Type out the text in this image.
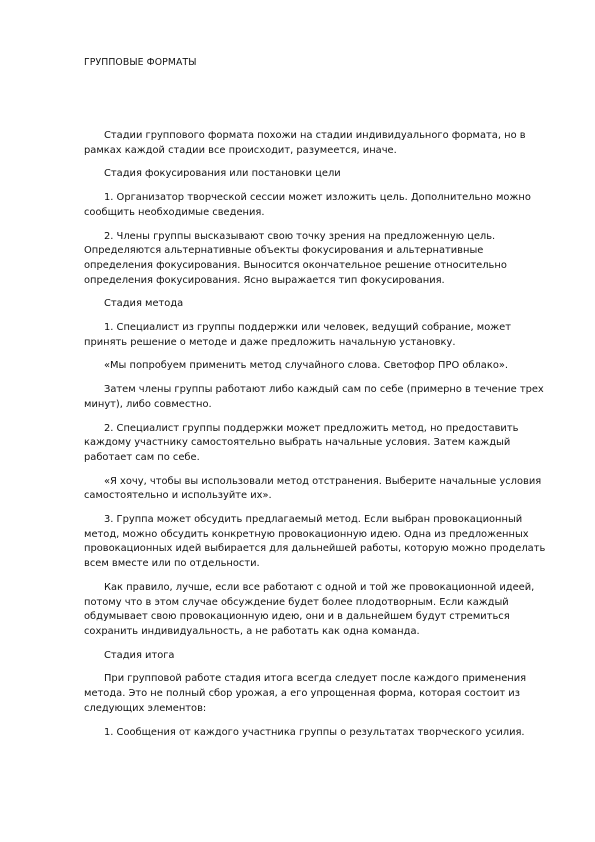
ГРУППОВЫЕ ФОРМАТЫ

Стадии группового формата похожи на стадии индивидуального формата, но в рамках каждой стадии все происходит, разумеется, иначе.

Стадия фокусирования или постановки цели

1. Организатор творческой сессии может изложить цель. Дополнительно можно сообщить необходимые сведения.

2. Члены группы высказывают свою точку зрения на предложенную цель. Определяются альтернативные объекты фокусирования и альтернативные определения фокусирования. Выносится окончательное решение относительно определения фокусирования. Ясно выражается тип фокусирования.

Стадия метода

1. Специалист из группы поддержки или человек, ведущий собрание, может принять решение о методе и даже предложить начальную установку.

«Мы попробуем применить метод случайного слова. Светофор ПРО облако».

Затем члены группы работают либо каждый сам по себе (примерно в течение трех минут), либо совместно.

2. Специалист группы поддержки может предложить метод, но предоставить каждому участнику самостоятельно выбрать начальные условия. Затем каждый работает сам по себе.

«Я хочу, чтобы вы использовали метод отстранения. Выберите начальные условия самостоятельно и используйте их».

3. Группа может обсудить предлагаемый метод. Если выбран провокационный метод, можно обсудить конкретную провокационную идею. Одна из предложенных провокационных идей выбирается для дальнейшей работы, которую можно проделать всем вместе или по отдельности.

Как правило, лучше, если все работают с одной и той же провокационной идеей, потому что в этом случае обсуждение будет более плодотворным. Если каждый обдумывает свою провокационную идею, они и в дальнейшем будут стремиться сохранить индивидуальность, а не работать как одна команда.

Стадия итога

При групповой работе стадия итога всегда следует после каждого применения метода. Это не полный сбор урожая, а его упрощенная форма, которая состоит из следующих элементов:

1. Сообщения от каждого участника группы о результатах творческого усилия.
